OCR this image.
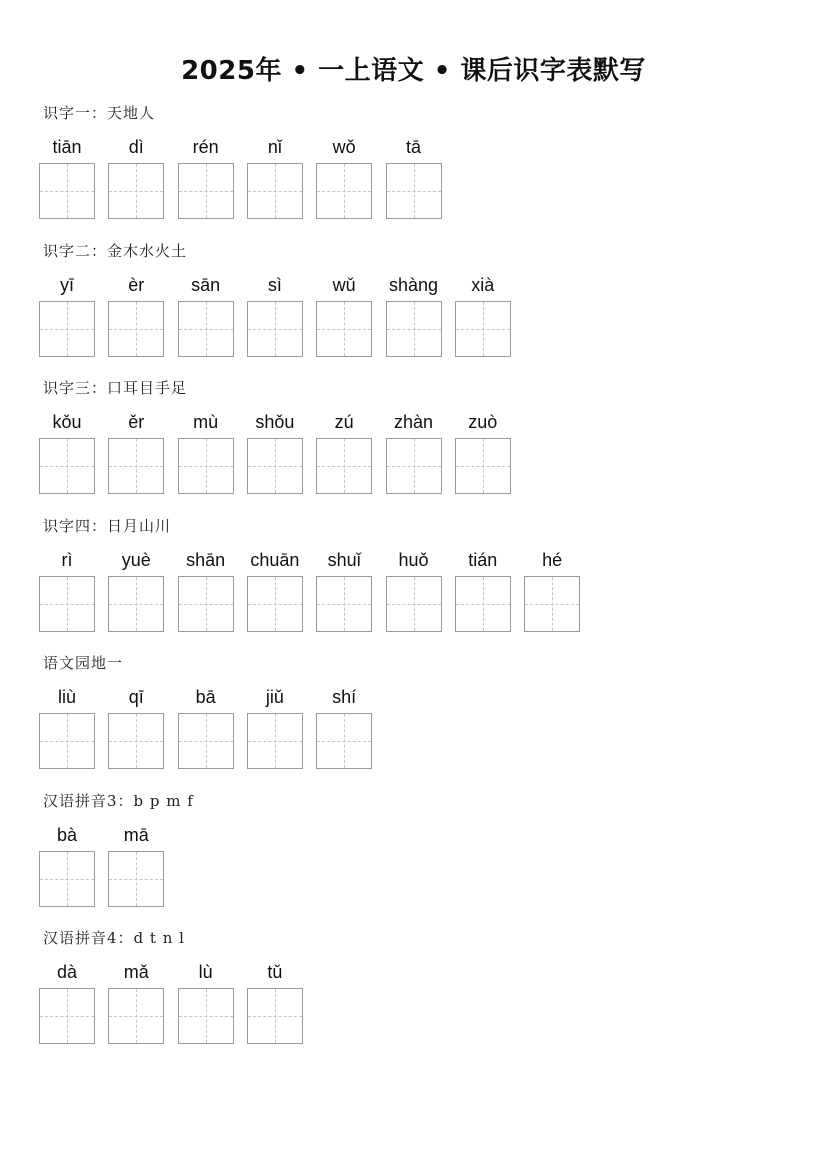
2025年 • 一上语文 • 课后识字表默写
识字一：天地人
tiān	dì	rén	nǐ	wǒ	tā
识字二：金木水火土
yī	èr	sān	sì	wǔ	shàng	xià
识字三：口耳目手足
kǒu	ěr	mù	shǒu	zú	zhàn	zuò
识字四：日月山川
rì	yuè	shān	chuān	shuǐ	huǒ	tián	hé
语文园地一
liù	qī	bā	jiǔ	shí
汉语拼音3：b p m f
bà	mā
汉语拼音4：d t n l
dà	mǎ	lù	tǔ
